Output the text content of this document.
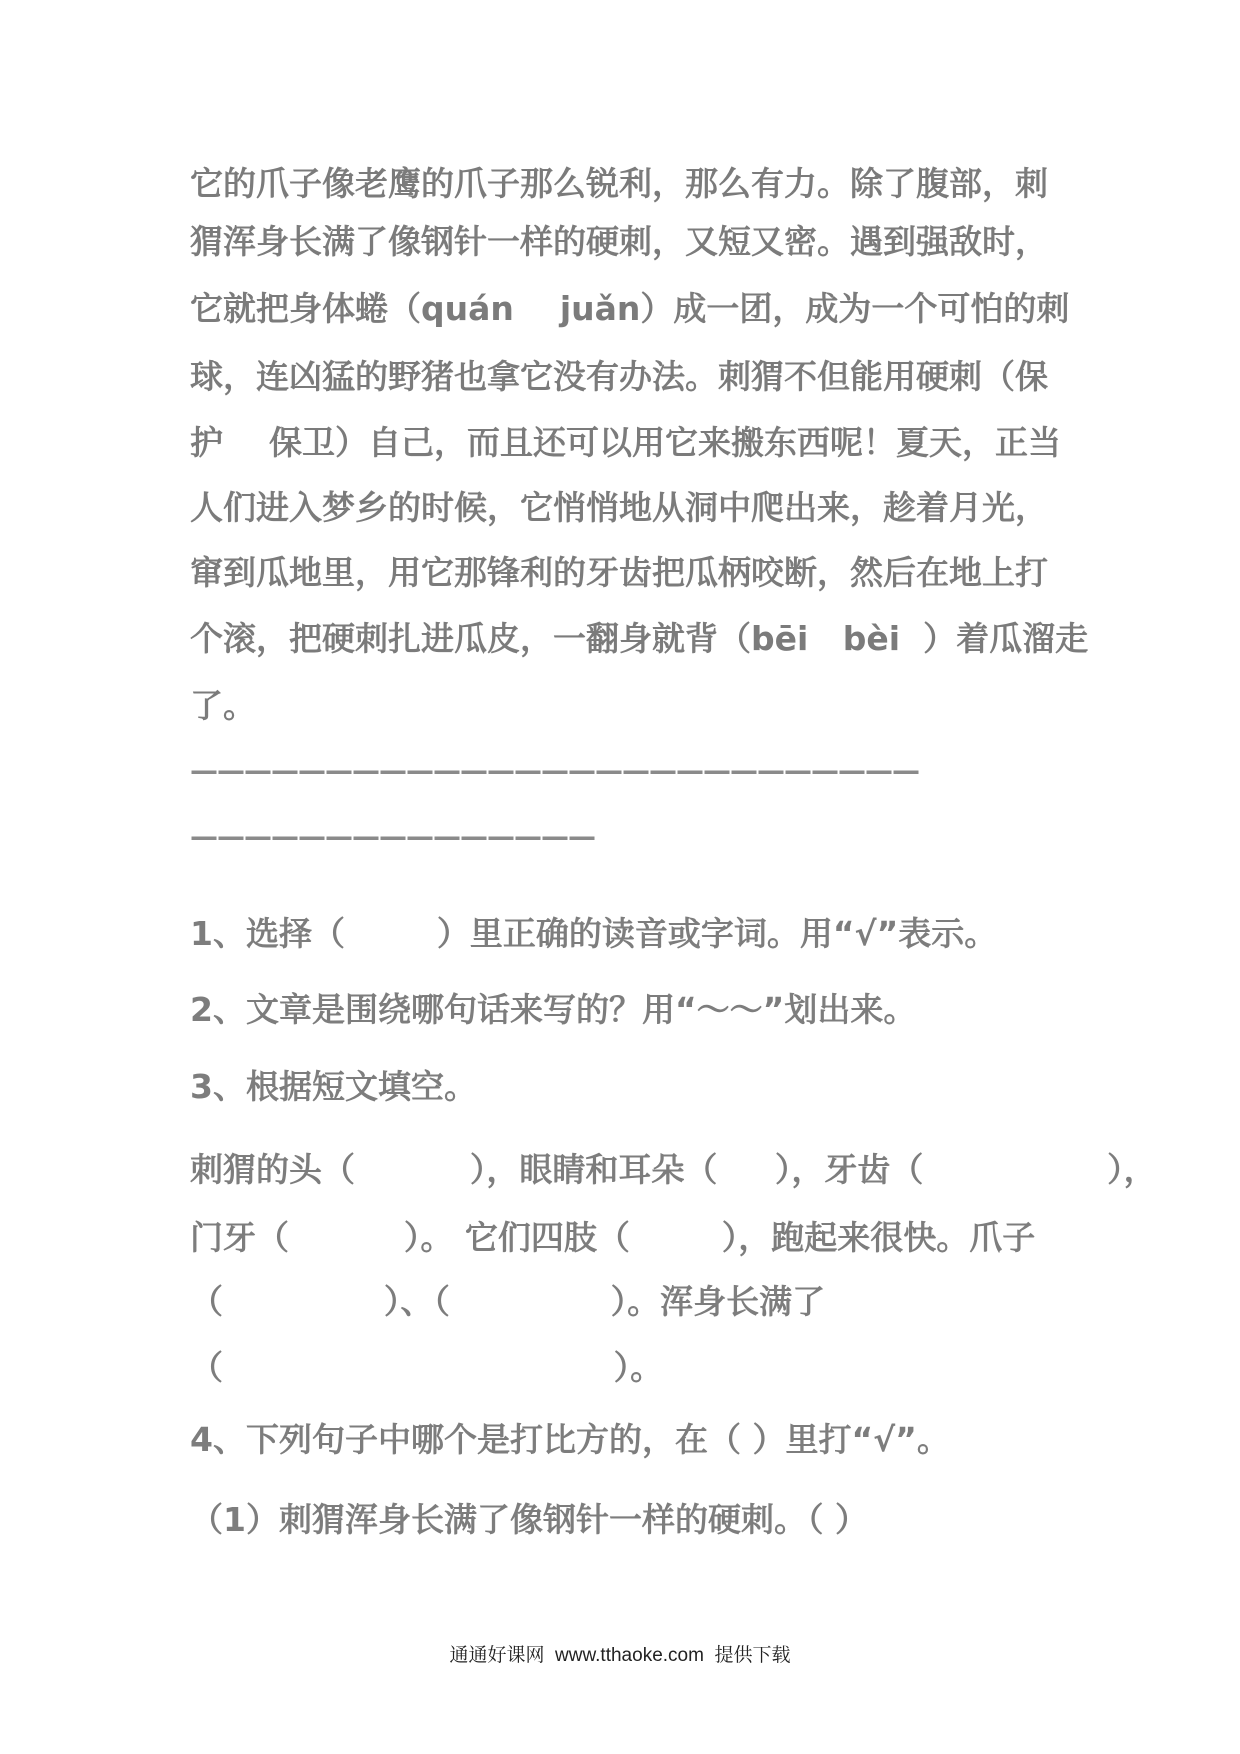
它的爪子像老鹰的爪子那么锐利，那么有力。除了腹部，刺
猬浑身长满了像钢针一样的硬刺，又短又密。遇到强敌时，
它就把身体蜷（quán    juǎn）成一团，成为一个可怕的刺
球，连凶猛的野猪也拿它没有办法。刺猬不但能用硬刺（保
护    保卫）自己，而且还可以用它来搬东西呢！夏天，正当
人们进入梦乡的时候，它悄悄地从洞中爬出来，趁着月光，
窜到瓜地里，用它那锋利的牙齿把瓜柄咬断，然后在地上打
个滚，把硬刺扎进瓜皮，一翻身就背（bēi   bèi  ）着瓜溜走
了。
———————————————————————————
———————————————
1、选择（        ）里正确的读音或字词。用“√”表示。
2、文章是围绕哪句话来写的？用“～～”划出来。
3、根据短文填空。
刺猬的头（          ），眼睛和耳朵（     ），牙齿（                ），
门牙（          ）。 它们四肢（        ），跑起来很快。爪子
（              ）、（              ）。浑身长满了
（                                  ）。
4、下列句子中哪个是打比方的，在（ ）里打“√”。
（1）刺猬浑身长满了像钢针一样的硬刺。（ ）
通通好课网  www.tthaoke.com  提供下载
